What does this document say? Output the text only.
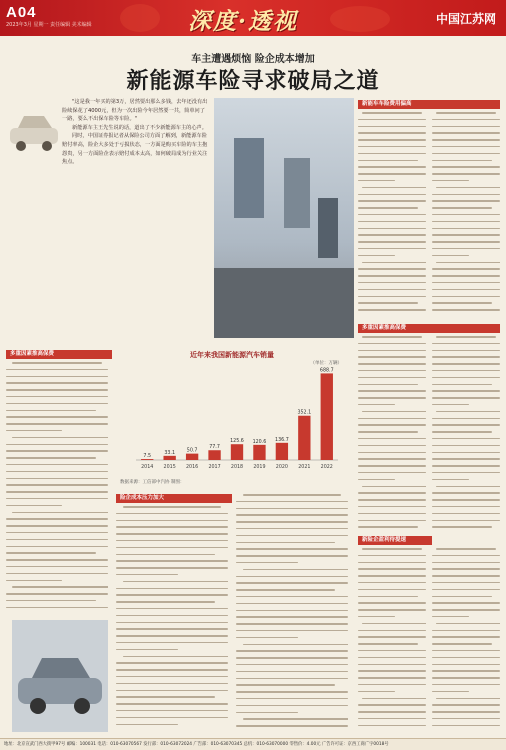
A04
2023年3月 星期一 责任编辑 美术编辑	深度·透视	中国江苏网
车主遭遇烦恼 险企成本增加
新能源车险寻求破局之道

"这是我一年买的第3万，居然要出那么多钱，去年还没有出险续保花了4000元，但为一次出险今年居然要一共，简单问了一路，要么不出保车险等车险。"

新能源车主王先生说的话，道出了不少新能源车主的心声。

同时，中国证券报记者从保险公司方面了解到，新能源车险赔付率高，险企大多处于亏损状态，一方面是购买车险的车主抱怨贵，另一方面险企表示赔付成本太高，如何破局成为行业关注焦点。

新能车车险费用偏高
多重因素推高保费
新险企盈利待提速
多重因素推高保费	近年来我国新能源汽车销量
（单位：万辆）
7.5
2014
33.1
2015
50.7
2016
77.7
2017
125.6
2018
120.6
2019
136.7
2020
352.1
2021
688.7
2022
数据来源：工信部中汽协 制图：
险企成本压力加大
地址：北京宣武门西大街甲97号 邮编：100031 电话：010-63070567 发行部：010-63072024 广告部：010-63070345 总机：010-63070000 零售价：4.00元 广告许可证：京西工商广字0018号
